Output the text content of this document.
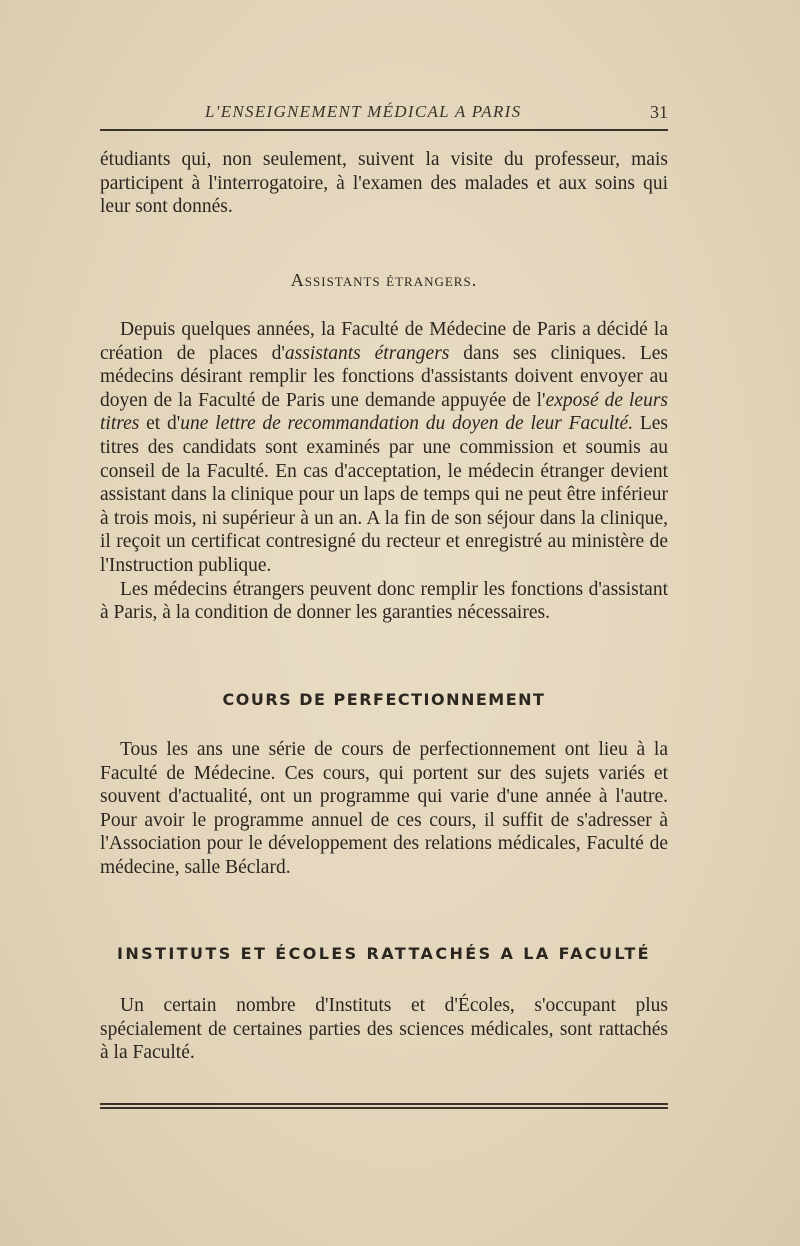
L'ENSEIGNEMENT MÉDICAL A PARIS	31

étudiants qui, non seulement, suivent la visite du professeur, mais participent à l'interrogatoire, à l'examen des malades et aux soins qui leur sont donnés.

Assistants étrangers.

Depuis quelques années, la Faculté de Médecine de Paris a décidé la création de places d'assistants étrangers dans ses cliniques. Les médecins désirant remplir les fonctions d'assistants doivent envoyer au doyen de la Faculté de Paris une demande appuyée de l'exposé de leurs titres et d'une lettre de recommandation du doyen de leur Faculté. Les titres des candidats sont examinés par une commission et soumis au conseil de la Faculté. En cas d'acceptation, le médecin étranger devient assistant dans la clinique pour un laps de temps qui ne peut être inférieur à trois mois, ni supérieur à un an. A la fin de son séjour dans la clinique, il reçoit un certificat contresigné du recteur et enregistré au ministère de l'Instruction publique.

Les médecins étrangers peuvent donc remplir les fonctions d'assistant à Paris, à la condition de donner les garanties nécessaires.

COURS DE PERFECTIONNEMENT

Tous les ans une série de cours de perfectionnement ont lieu à la Faculté de Médecine. Ces cours, qui portent sur des sujets variés et souvent d'actualité, ont un programme qui varie d'une année à l'autre. Pour avoir le programme annuel de ces cours, il suffit de s'adresser à l'Association pour le développement des relations médicales, Faculté de médecine, salle Béclard.

INSTITUTS ET ÉCOLES RATTACHÉS A LA FACULTÉ

Un certain nombre d'Instituts et d'Écoles, s'occupant plus spécialement de certaines parties des sciences médicales, sont rattachés à la Faculté.
